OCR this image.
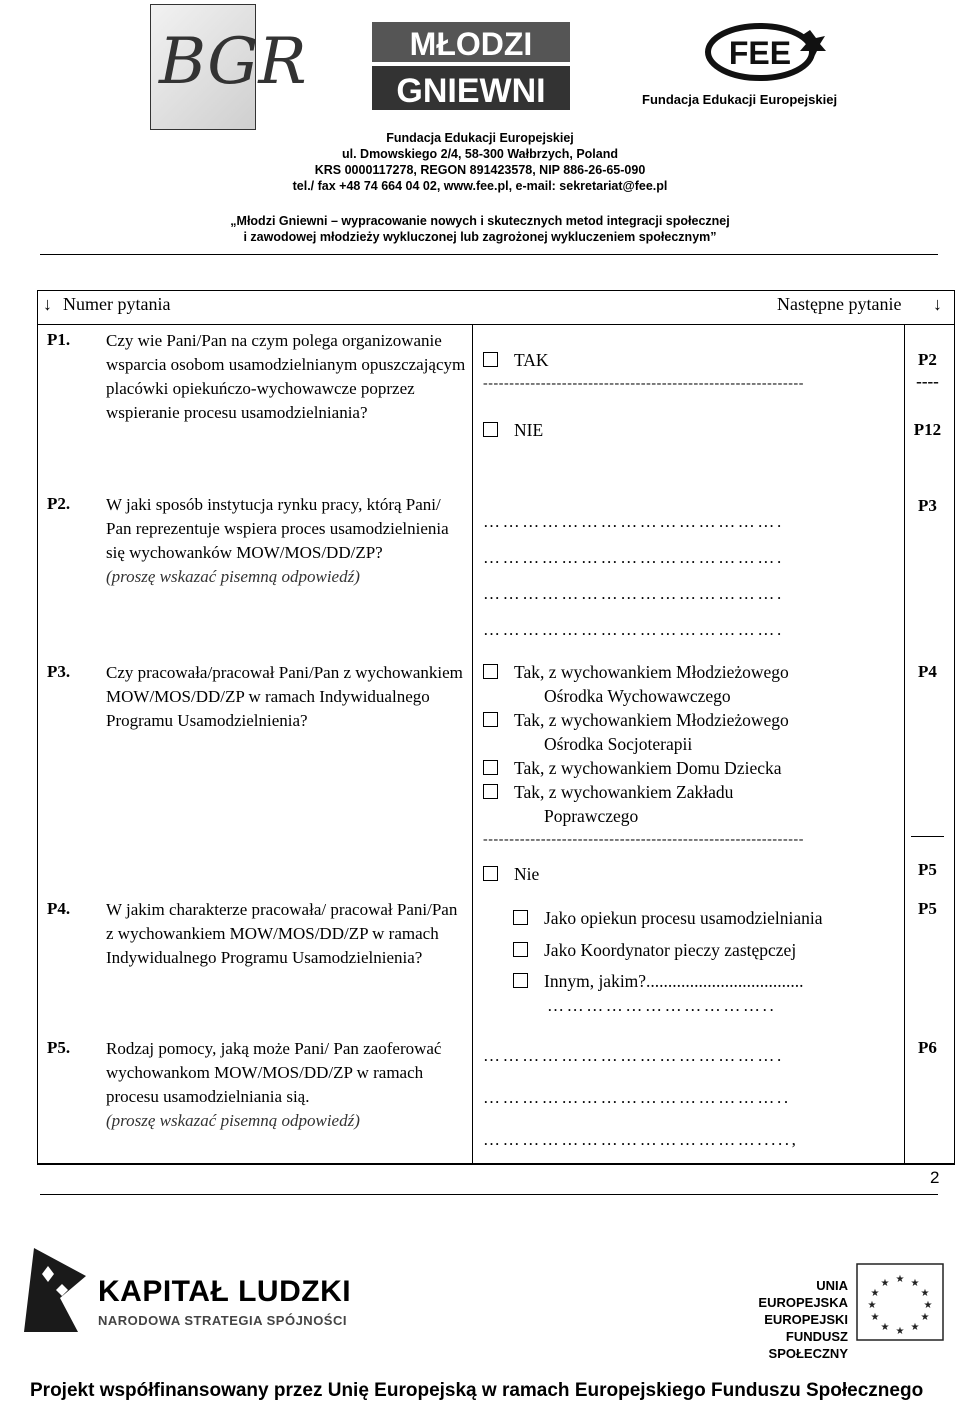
BGR	MŁODZI
GNIEWNI
FEE
Fundacja Edukacji Europejskiej
Fundacja Edukacji Europejskiej
ul. Dmowskiego 2/4, 58-300 Wałbrzych, Poland
KRS 0000117278, REGON 891423578, NIP 886-26-65-090
tel./ fax +48 74 664 04 02, www.fee.pl, e-mail: sekretariat@fee.pl
„Młodzi Gniewni – wypracowanie nowych i skutecznych metod integracji społecznej
i zawodowej młodzieży wykluczonej lub zagrożonej wykluczeniem społecznym”
↓ Numer pytania	Następne pytanie ↓
P1. Czy wie Pani/Pan na czym polega organizowanie wsparcia osobom usamodzielnianym opuszczającym placówki opiekuńczo-wychowawcze poprzez wspieranie procesu usamodzielniania?
TAK
-------------------------------------------------------------
NIE
P2
----
P12
P2. W jaki sposób instytucja rynku pracy, którą Pani/ Pan reprezentuje wspiera proces usamodzielnienia się wychowanków MOW/MOS/DD/ZP?
(proszę wskazać pisemną odpowiedź)
……………………………………….
……………………………………….
……………………………………….
……………………………………….
P3
P3. Czy pracowała/pracował Pani/Pan z wychowankiem MOW/MOS/DD/ZP w ramach Indywidualnego Programu Usamodzielnienia?
Tak, z wychowankiem Młodzieżowego
Ośrodka Wychowawczego
Tak, z wychowankiem Młodzieżowego
Ośrodka Socjoterapii
Tak, z wychowankiem Domu Dziecka
Tak, z wychowankiem Zakładu
Poprawczego
-------------------------------------------------------------
Nie
P4
P5
P4. W jakim charakterze pracowała/ pracował Pani/Pan z wychowankiem MOW/MOS/DD/ZP w ramach Indywidualnego Programu Usamodzielnienia?
Jako opiekun procesu usamodzielniania
Jako Koordynator pieczy zastępczej
Innym, jakim?....................................
……………………………..
P5
P5. Rodzaj pomocy, jaką może Pani/ Pan zaoferować wychowankom MOW/MOS/DD/ZP w ramach procesu usamodzielniania sią.
(proszę wskazać pisemną odpowiedź)
……………………………………….
………………………………………..
…………………………………….....,
P6
2
KAPITAŁ LUDZKI
NARODOWA STRATEGIA SPÓJNOŚCI
UNIA EUROPEJSKA
EUROPEJSKI
FUNDUSZ SPOŁECZNY
★ ★
★
★
★
★
★
★
★
★
★
★
Projekt współfinansowany przez Unię Europejską w ramach Europejskiego Funduszu Społecznego
